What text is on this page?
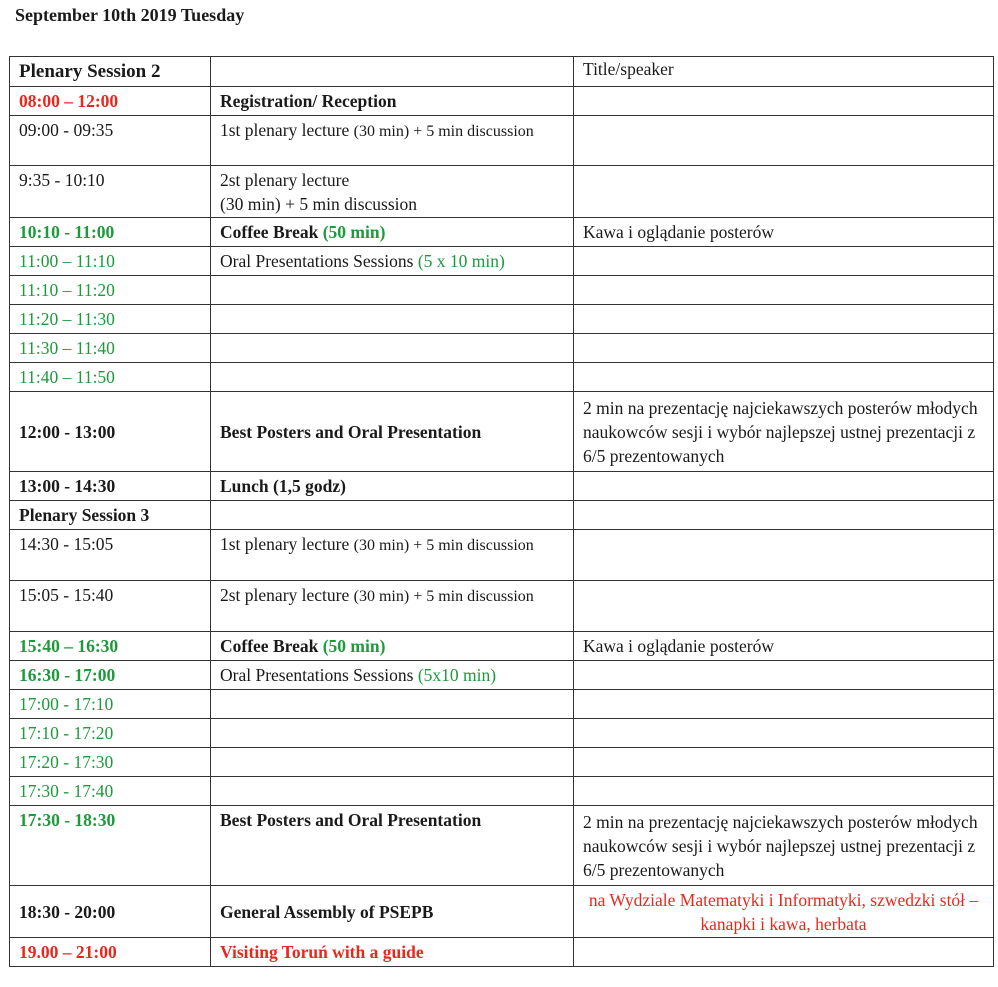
September 10th 2019 Tuesday
Plenary Session 2		Title/speaker
08:00 – 12:00	Registration/ Reception	
09:00 - 09:35	1st plenary lecture (30 min) + 5 min discussion	
9:35 - 10:10	2st plenary lecture
(30 min) + 5 min discussion	
10:10 - 11:00	Coffee Break (50 min)	Kawa i oglądanie posterów
11:00 – 11:10	Oral Presentations Sessions (5 x 10 min)	
11:10 – 11:20		
11:20 – 11:30		
11:30 – 11:40		
11:40 – 11:50		
12:00 - 13:00	Best Posters and Oral Presentation	2 min na prezentację najciekawszych posterów młodych naukowców sesji i wybór najlepszej ustnej prezentacji z 6/5 prezentowanych
13:00 - 14:30	Lunch (1,5 godz)	
Plenary Session 3		
14:30 - 15:05	1st plenary lecture (30 min) + 5 min discussion	
15:05 - 15:40	2st plenary lecture (30 min) + 5 min discussion	
15:40 – 16:30	Coffee Break (50 min)	Kawa i oglądanie posterów
16:30 - 17:00	Oral Presentations Sessions (5x10 min)	
17:00 - 17:10		
17:10 - 17:20		
17:20 - 17:30		
17:30 - 17:40		
17:30 - 18:30	Best Posters and Oral Presentation	2 min na prezentację najciekawszych posterów młodych naukowców sesji i wybór najlepszej ustnej prezentacji z 6/5 prezentowanych
18:30 - 20:00	General Assembly of PSEPB	na Wydziale Matematyki i Informatyki, szwedzki stół – kanapki i kawa, herbata
19.00 – 21:00	Visiting Toruń with a guide	
